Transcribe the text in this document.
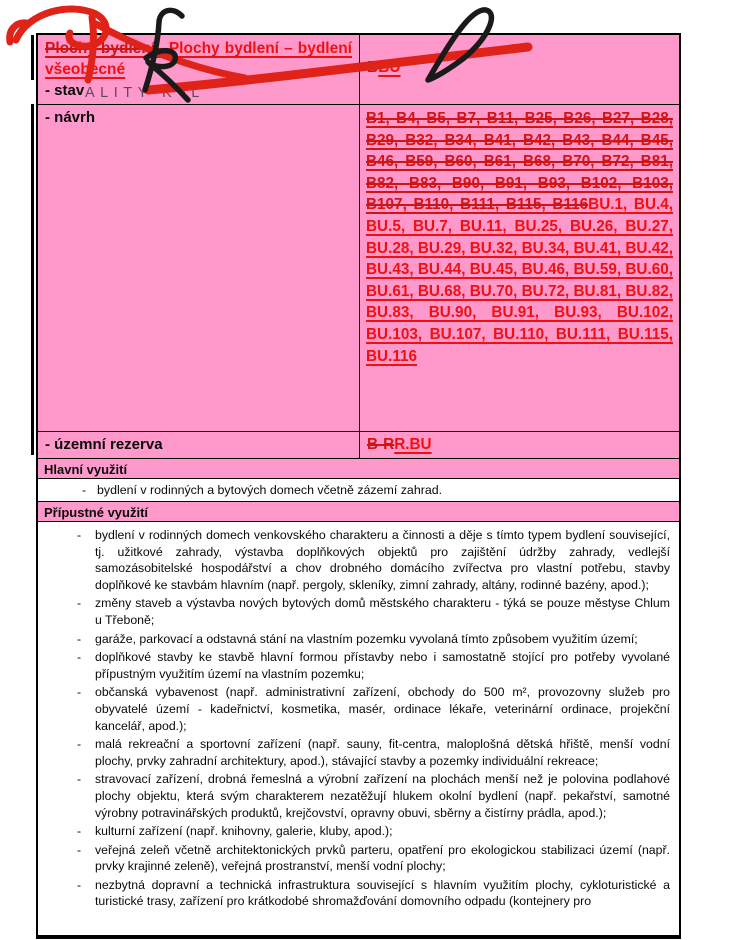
Plochy bydlení– Plochy bydlení – bydlení všeobecné
- stav ALITY K+L
BBU
- návrh	B1, B4, B5, B7, B11, B25, B26, B27, B28, B29, B32, B34, B41, B42, B43, B44, B45, B46, B59, B60, B61, B68, B70, B72, B81, B82, B83, B90, B91, B93, B102, B103, B107, B110, B111, B115, B116BU.1, BU.4, BU.5, BU.7, BU.11, BU.25, BU.26, BU.27, BU.28, BU.29, BU.32, BU.34, BU.41, BU.42, BU.43, BU.44, BU.45, BU.46, BU.59, BU.60, BU.61, BU.68, BU.70, BU.72, BU.81, BU.82, BU.83, BU.90, BU.91, BU.93, BU.102, BU.103, BU.107, BU.110, BU.111, BU.115, BU.116
- územní rezerva	B-RR.BU
Hlavní využití
- bydlení v rodinných a bytových domech včetně zázemí zahrad.
Přípustné využití
- bydlení v rodinných domech venkovského charakteru a činnosti a děje s tímto typem bydlení související, tj. užitkové zahrady, výstavba doplňkových objektů pro zajištění údržby zahrady, vedlejší samozásobitelské hospodářství a chov drobného domácího zvířectva pro vlastní potřebu, stavby doplňkové ke stavbám hlavním (např. pergoly, skleníky, zimní zahrady, altány, rodinné bazény, apod.);
- změny staveb a výstavba nových bytových domů městského charakteru - týká se pouze městyse Chlum u Třeboně;
- garáže, parkovací a odstavná stání na vlastním pozemku vyvolaná tímto způsobem využitím území;
- doplňkové stavby ke stavbě hlavní formou přístavby nebo i samostatně stojící pro potřeby vyvolané přípustným využitím území na vlastním pozemku;
- občanská vybavenost (např. administrativní zařízení, obchody do 500 m², provozovny služeb pro obyvatelé území - kadeřnictví, kosmetika, masér, ordinace lékaře, veterinární ordinace, projekční kancelář, apod.);
- malá rekreační a sportovní zařízení (např. sauny, fit-centra, maloplošná dětská hřiště, menší vodní plochy, prvky zahradní architektury, apod.), stávající stavby a pozemky individuální rekreace;
- stravovací zařízení, drobná řemeslná a výrobní zařízení na plochách menší než je polovina podlahové plochy objektu, která svým charakterem nezatěžují hlukem okolní bydlení (např. pekařství, samotné výrobny potravinářských produktů, krejčovství, opravny obuvi, sběrny a čistírny prádla, apod.);
- kulturní zařízení (např. knihovny, galerie, kluby, apod.);
- veřejná zeleň včetně architektonických prvků parteru, opatření pro ekologickou stabilizaci území (např. prvky krajinné zeleně), veřejná prostranství, menší vodní plochy;
- nezbytná dopravní a technická infrastruktura související s hlavním využitím plochy, cykloturistické a turistické trasy, zařízení pro krátkodobé shromažďování domovního odpadu (kontejnery pro
